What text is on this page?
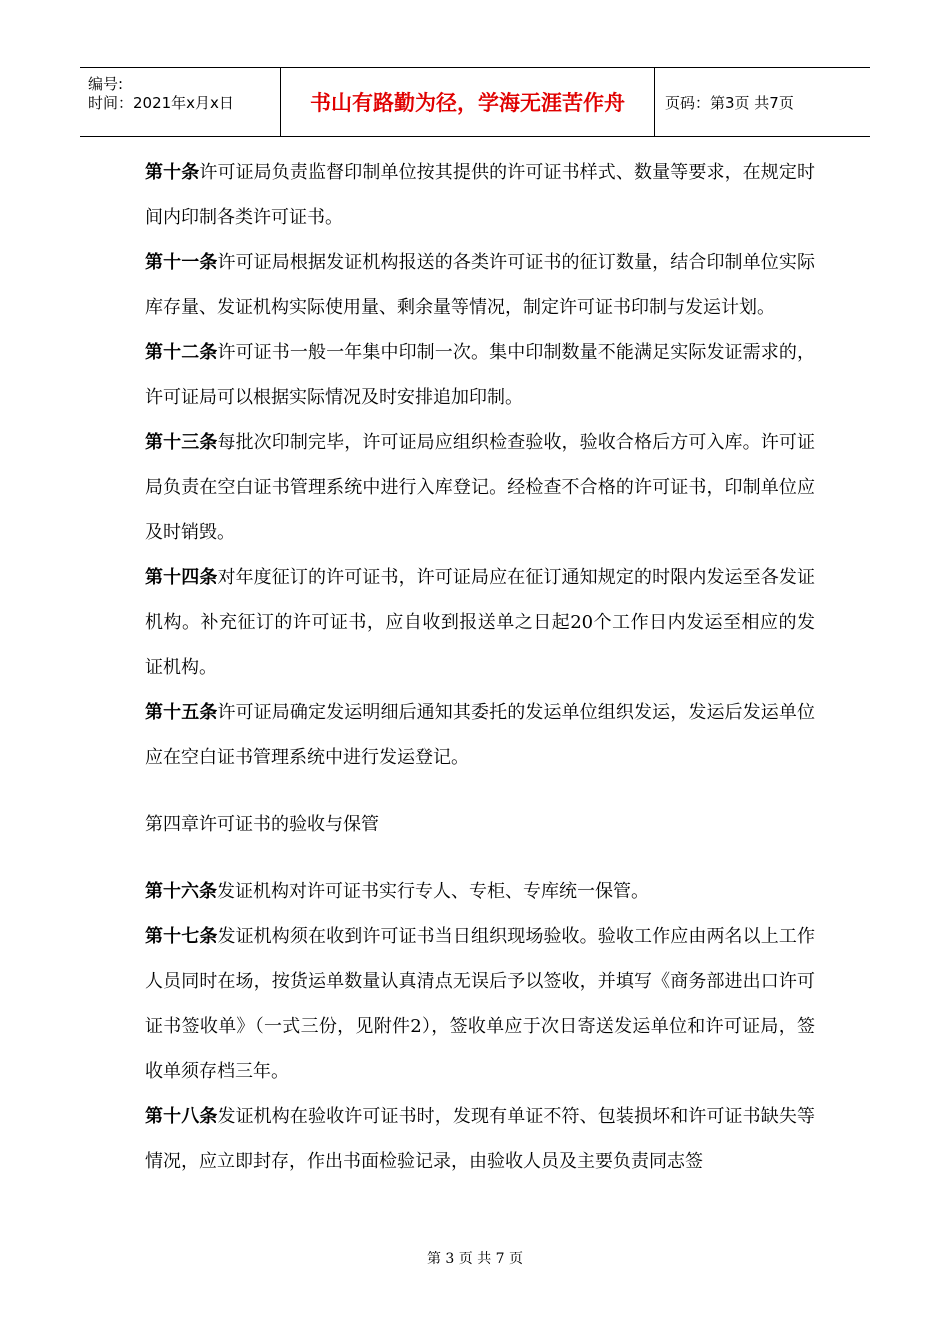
编号:
时间：2021年x月x日	书山有路勤为径，学海无涯苦作舟	页码：第3页 共7页

第十条许可证局负责监督印制单位按其提供的许可证书样式、数量等要求，在规定时间内印制各类许可证书。

第十一条许可证局根据发证机构报送的各类许可证书的征订数量，结合印制单位实际库存量、发证机构实际使用量、剩余量等情况，制定许可证书印制与发运计划。

第十二条许可证书一般一年集中印制一次。集中印制数量不能满足实际发证需求的，许可证局可以根据实际情况及时安排追加印制。

第十三条每批次印制完毕，许可证局应组织检查验收，验收合格后方可入库。许可证局负责在空白证书管理系统中进行入库登记。经检查不合格的许可证书，印制单位应及时销毁。

第十四条对年度征订的许可证书，许可证局应在征订通知规定的时限内发运至各发证机构。补充征订的许可证书，应自收到报送单之日起20个工作日内发运至相应的发证机构。

第十五条许可证局确定发运明细后通知其委托的发运单位组织发运，发运后发运单位应在空白证书管理系统中进行发运登记。

第四章许可证书的验收与保管

第十六条发证机构对许可证书实行专人、专柜、专库统一保管。

第十七条发证机构须在收到许可证书当日组织现场验收。验收工作应由两名以上工作人员同时在场，按货运单数量认真清点无误后予以签收，并填写《商务部进出口许可证书签收单》（一式三份，见附件2），签收单应于次日寄送发运单位和许可证局，签收单须存档三年。

第十八条发证机构在验收许可证书时，发现有单证不符、包装损坏和许可证书缺失等情况，应立即封存，作出书面检验记录，由验收人员及主要负责同志签

第 3 页 共 7 页
